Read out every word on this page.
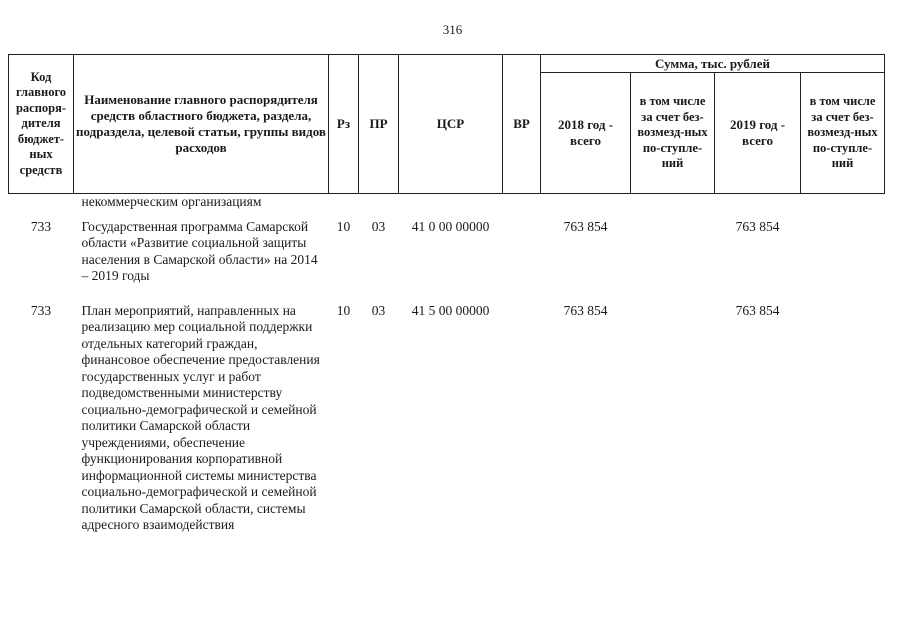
316
Код главного распоря-дителя бюджет-ных средств	Наименование главного распорядителя средств областного бюджета, раздела, подраздела, целевой статьи, группы видов расходов	Рз	ПР	ЦСР	ВР	Сумма, тыс. рублей			
						2018 год - всего	в том числе за счет без-возмезд-ных по-ступле-ний	2019 год - всего	в том числе за счет без-возмезд-ных по-ступле-ний
	некоммерческим организациям								
733	Государственная программа Самарской области «Развитие социальной защиты населения в Самарской области» на 2014 – 2019 годы	10	03	41 0 00 00000		763 854		763 854	
733	План мероприятий, направленных на реализацию мер социальной поддержки отдельных категорий граждан, финансовое обеспечение предоставления государственных услуг и работ подведомственными министерству социально-демографической и семейной политики Самарской области учреждениями, обеспечение функционирования корпоративной информационной системы министерства социально-демографической и семейной политики Самарской области, системы адресного взаимодействия	10	03	41 5 00 00000		763 854		763 854	
